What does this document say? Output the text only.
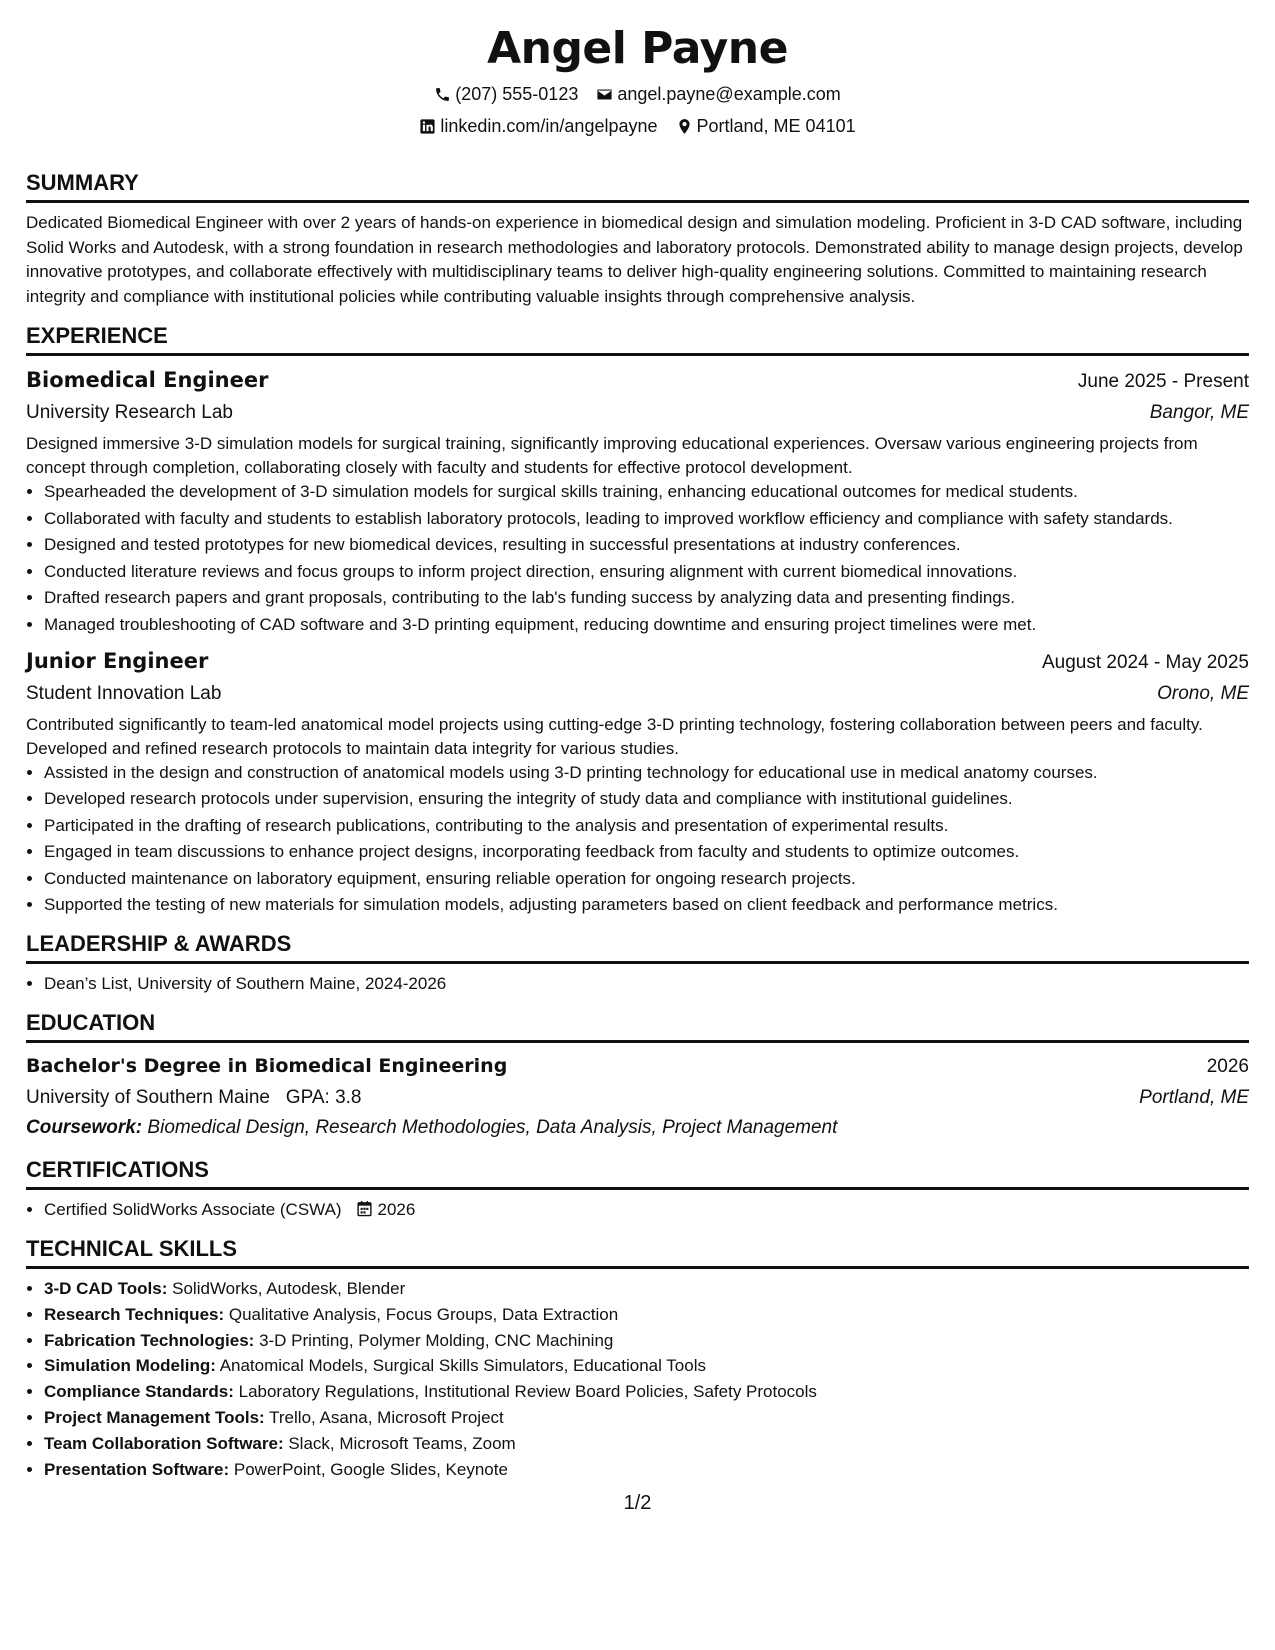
Angel Payne
(207) 555-0123 angel.payne@example.com
linkedin.com/in/angelpayne Portland, ME 04101
SUMMARY
Dedicated Biomedical Engineer with over 2 years of hands-on experience in biomedical design and simulation modeling. Proficient in 3-D CAD software, including Solid Works and Autodesk, with a strong foundation in research methodologies and laboratory protocols. Demonstrated ability to manage design projects, develop innovative prototypes, and collaborate effectively with multidisciplinary teams to deliver high-quality engineering solutions. Committed to maintaining research integrity and compliance with institutional policies while contributing valuable insights through comprehensive analysis.
EXPERIENCE
Biomedical Engineer	June 2025 - Present
University Research Lab	Bangor, ME
Designed immersive 3-D simulation models for surgical training, significantly improving educational experiences. Oversaw various engineering projects from concept through completion, collaborating closely with faculty and students for effective protocol development.
• Spearheaded the development of 3-D simulation models for surgical skills training, enhancing educational outcomes for medical students.
• Collaborated with faculty and students to establish laboratory protocols, leading to improved workflow efficiency and compliance with safety standards.
• Designed and tested prototypes for new biomedical devices, resulting in successful presentations at industry conferences.
• Conducted literature reviews and focus groups to inform project direction, ensuring alignment with current biomedical innovations.
• Drafted research papers and grant proposals, contributing to the lab's funding success by analyzing data and presenting findings.
• Managed troubleshooting of CAD software and 3-D printing equipment, reducing downtime and ensuring project timelines were met.
Junior Engineer	August 2024 - May 2025
Student Innovation Lab	Orono, ME
Contributed significantly to team-led anatomical model projects using cutting-edge 3-D printing technology, fostering collaboration between peers and faculty. Developed and refined research protocols to maintain data integrity for various studies.
• Assisted in the design and construction of anatomical models using 3-D printing technology for educational use in medical anatomy courses.
• Developed research protocols under supervision, ensuring the integrity of study data and compliance with institutional guidelines.
• Participated in the drafting of research publications, contributing to the analysis and presentation of experimental results.
• Engaged in team discussions to enhance project designs, incorporating feedback from faculty and students to optimize outcomes.
• Conducted maintenance on laboratory equipment, ensuring reliable operation for ongoing research projects.
• Supported the testing of new materials for simulation models, adjusting parameters based on client feedback and performance metrics.
LEADERSHIP & AWARDS
• Dean’s List, University of Southern Maine, 2024-2026
EDUCATION
Bachelor's Degree in Biomedical Engineering	2026
University of Southern Maine GPA: 3.8	Portland, ME
Coursework: Biomedical Design, Research Methodologies, Data Analysis, Project Management
CERTIFICATIONS
• Certified SolidWorks Associate (CSWA) 2026
TECHNICAL SKILLS
• 3-D CAD Tools: SolidWorks, Autodesk, Blender
• Research Techniques: Qualitative Analysis, Focus Groups, Data Extraction
• Fabrication Technologies: 3-D Printing, Polymer Molding, CNC Machining
• Simulation Modeling: Anatomical Models, Surgical Skills Simulators, Educational Tools
• Compliance Standards: Laboratory Regulations, Institutional Review Board Policies, Safety Protocols
• Project Management Tools: Trello, Asana, Microsoft Project
• Team Collaboration Software: Slack, Microsoft Teams, Zoom
• Presentation Software: PowerPoint, Google Slides, Keynote
1/2
